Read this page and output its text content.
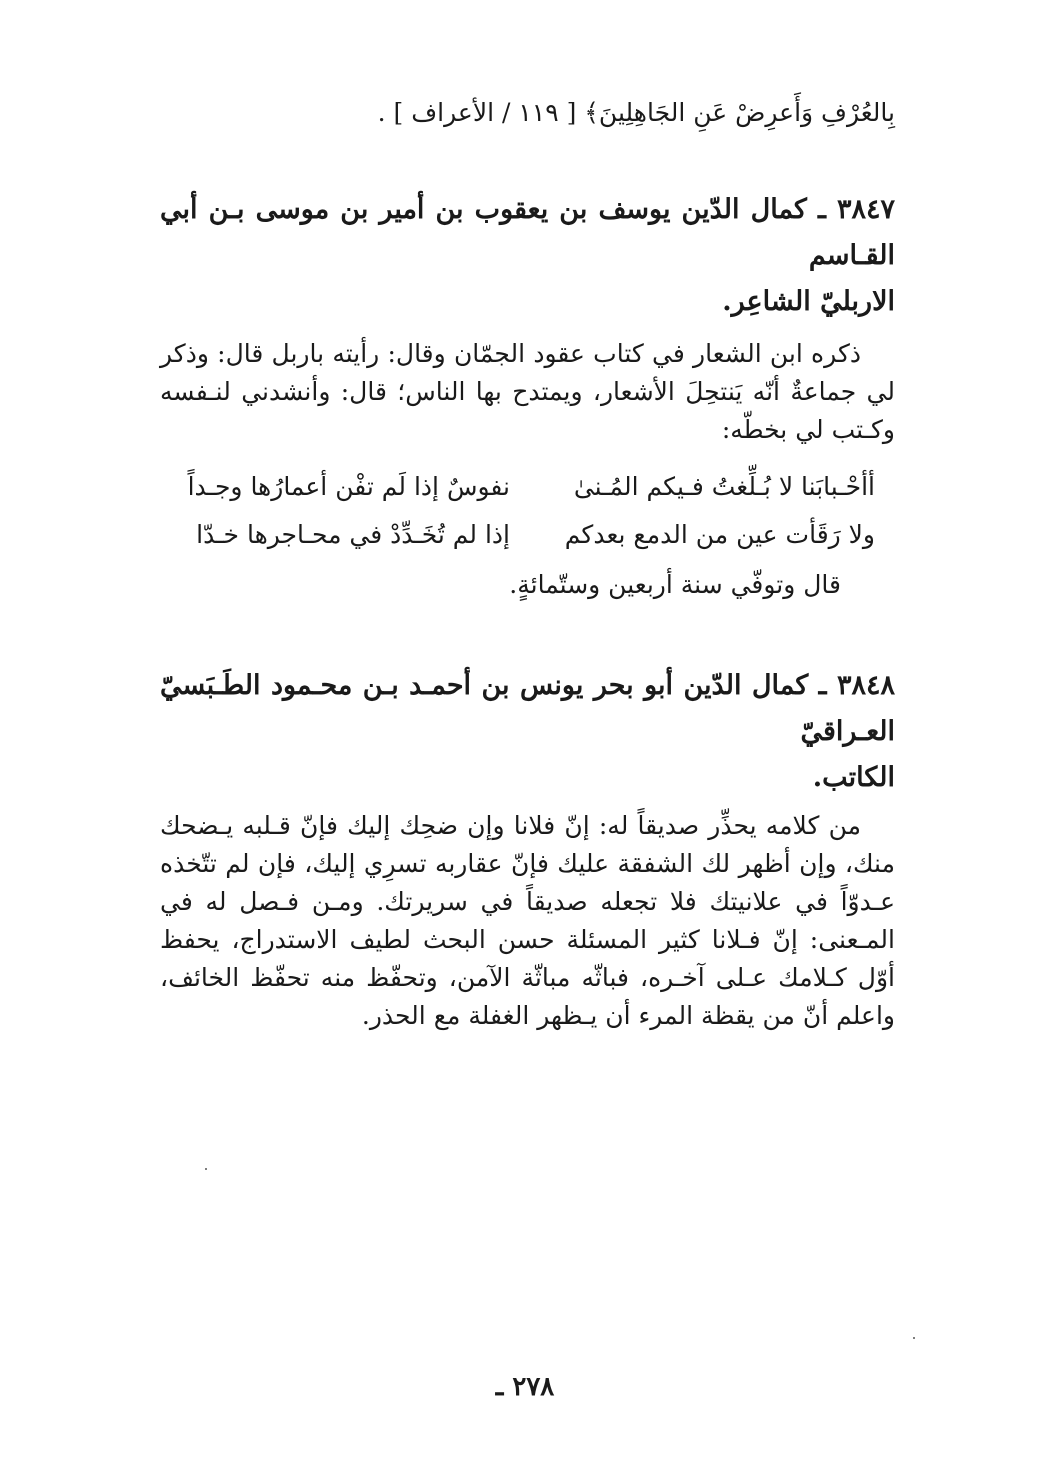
بِالعُرْفِ وَأَعرِضْ عَنِ الجَاهِلِينَ﴾ [ ١١٩ / الأعراف ] .
٣٨٤٧ ـ كمال الدّين يوسف بن يعقوب بن أمير بن موسى بـن أبي القـاسم
الاربليّ الشاعِر.
ذكره ابن الشعار في كتاب عقود الجمّان وقال: رأيته باربل قال: وذكر لي جماعةٌ أنّه يَنتحِلَ الأشعار، ويمتدح بها الناس؛ قال: وأنشدني لنـفسه وكـتب لي بخطّه:
أأحْـبابَنا لا بُـلِّغتُ فـيكم المُـنىٰ
نفوسٌ إذا لَم تفْن أعمارُها وجـداً
ولا رَقَأت عين من الدمع بعدكم
إذا لم تُخَـدِّدْ في محـاجرها خـدّا
قال وتوفّي سنة أربعين وستّمائةٍ.
٣٨٤٨ ـ كمال الدّين أبو بحر يونس بن أحمـد بـن محـمود الطَـبَسيّ العـراقيّ
الكاتب.
من كلامه يحذِّر صديقاً له: إنّ فلانا وإن ضحِك إليك فإنّ قـلبه يـضحك منك، وإن أظهر لك الشفقة عليك فإنّ عقاربه تسرِي إليك، فإن لم تتّخذه عـدوّاً في علانيتك فلا تجعله صديقاً في سريرتك. ومـن فـصل له في المـعنى: إنّ فـلانا كثير المسئلة حسن البحث لطيف الاستدراج، يحفظ أوّل كـلامك عـلى آخـره، فباثّه مباثّة الآمن، وتحفّظ منه تحفّظ الخائف، واعلم أنّ من يقظة المرء أن يـظهر الغفلة مع الحذر.
٢٧٨ ـ
